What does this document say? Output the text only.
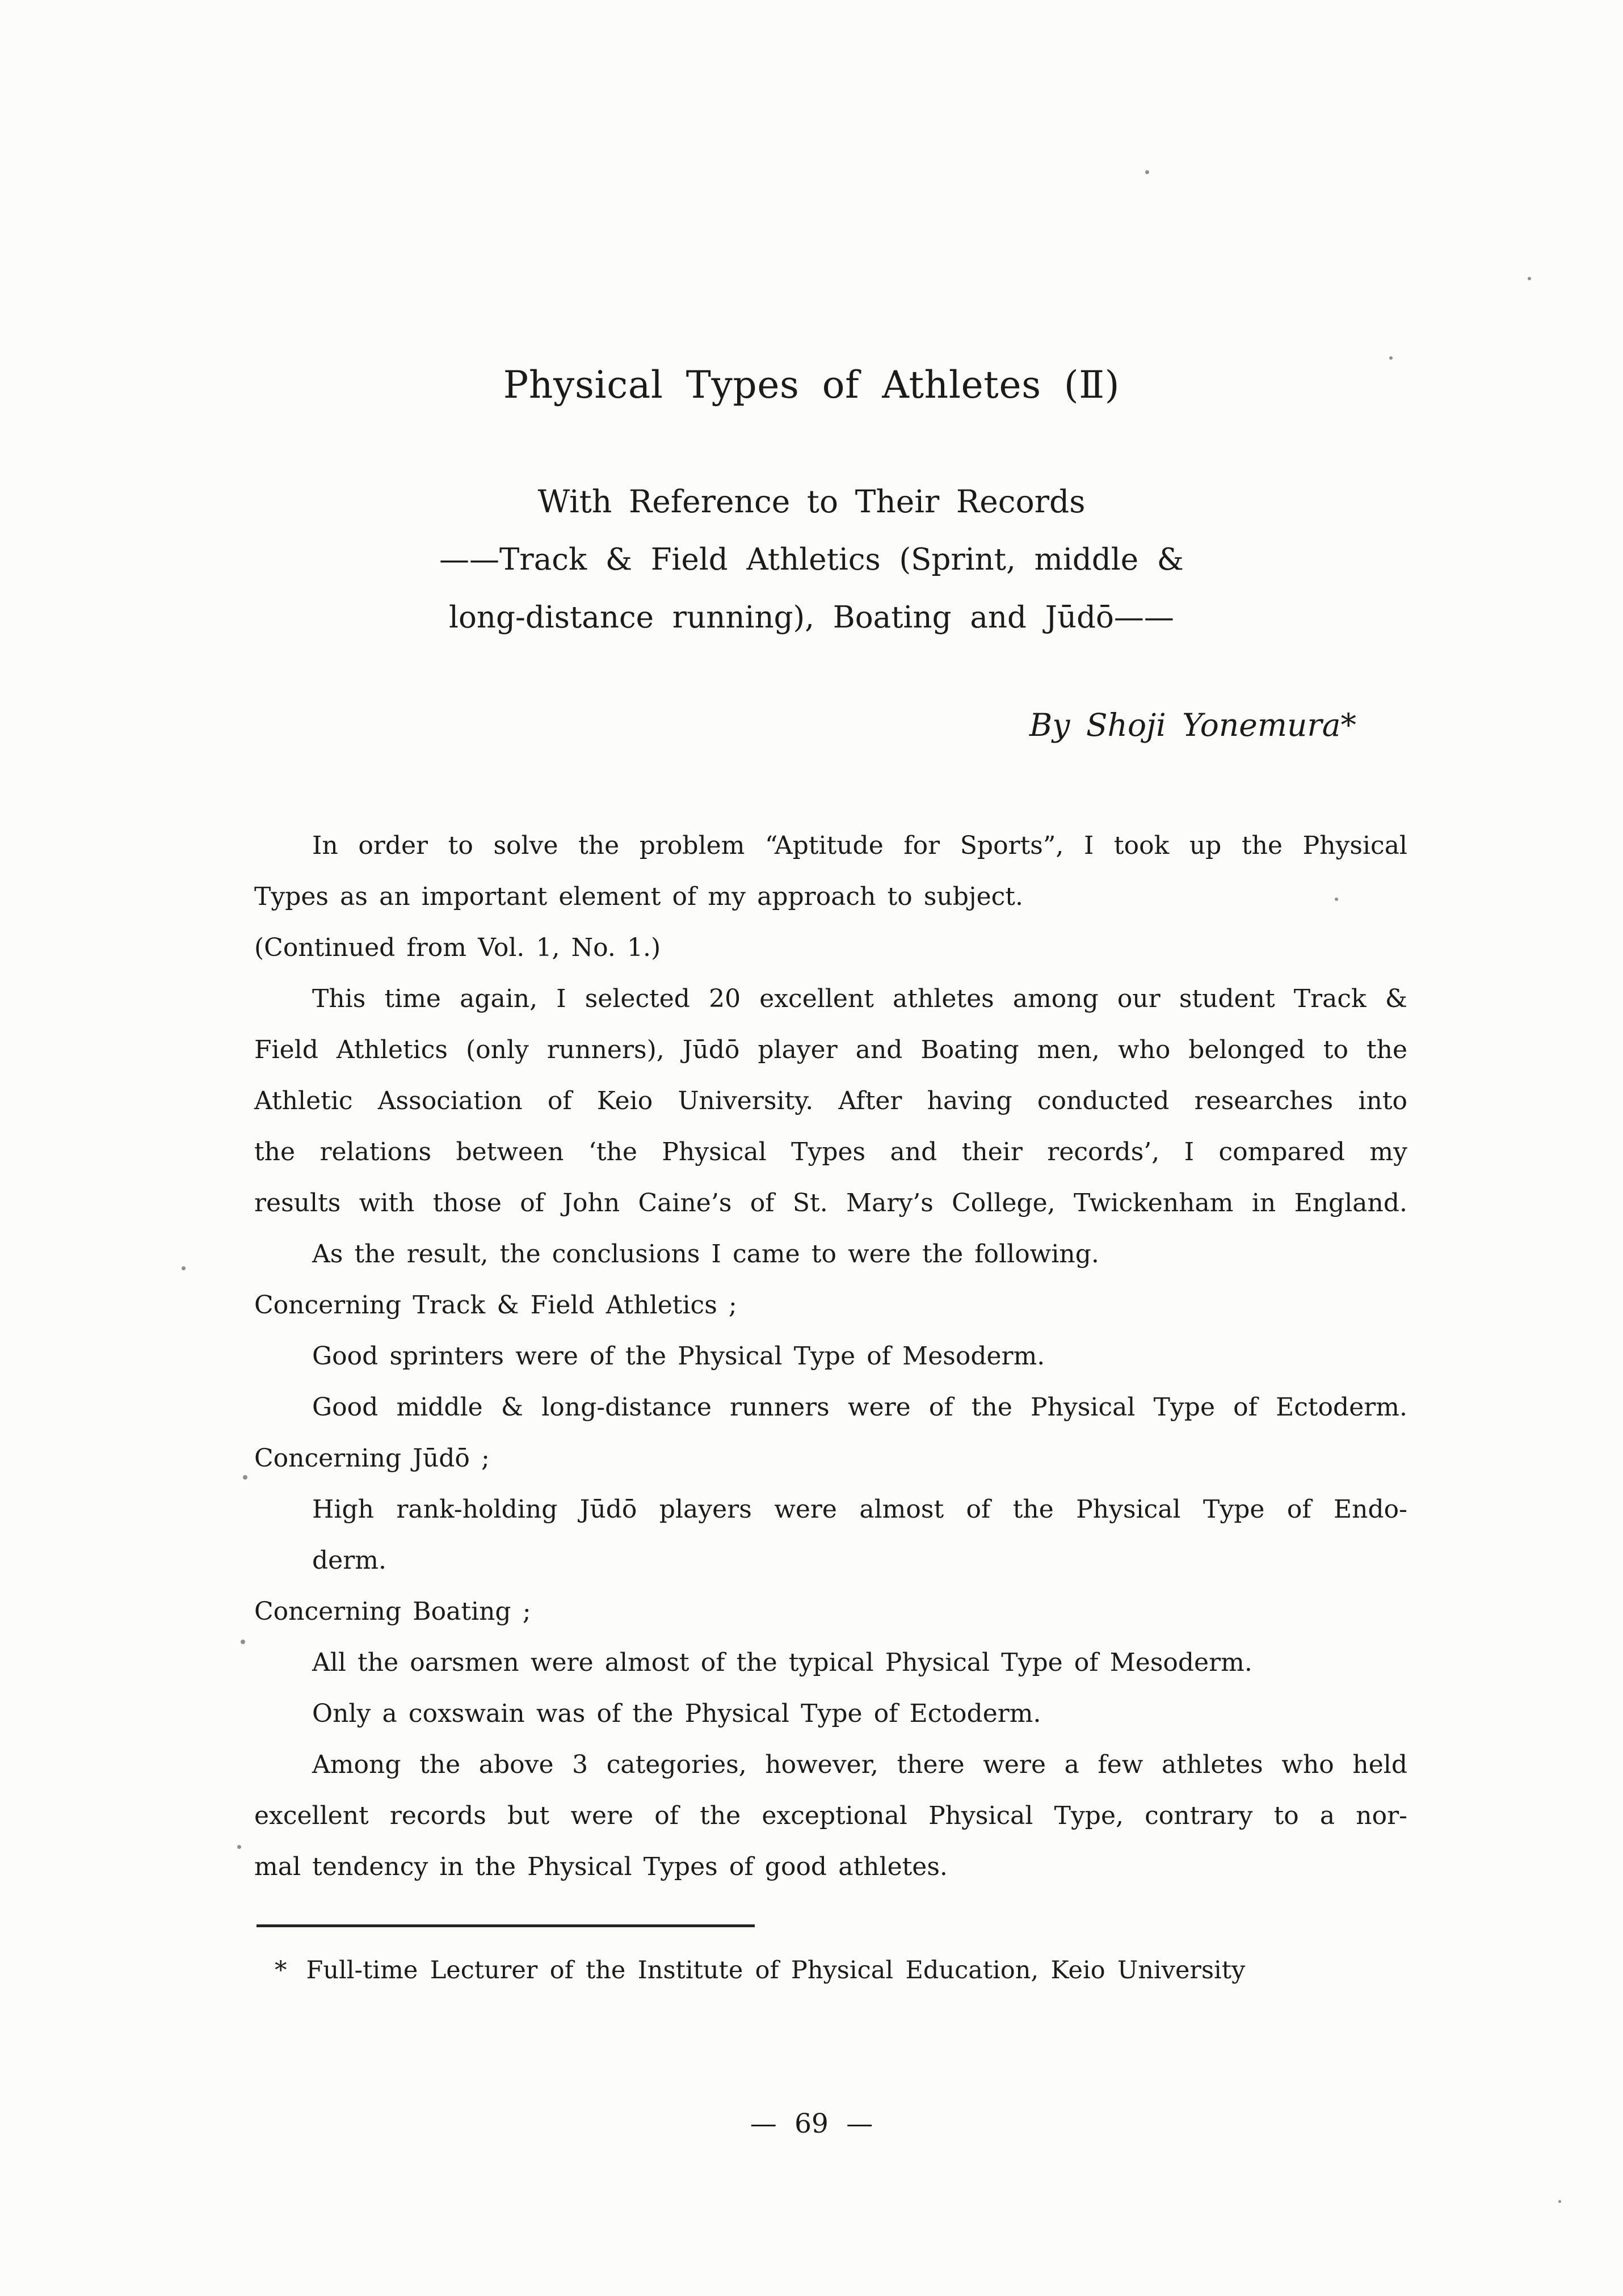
Physical Types of Athletes (Ⅱ)
With Reference to Their Records
——Track & Field Athletics (Sprint, middle &
long-distance running), Boating and Jūdō——
By Shoji Yonemura*
In order to solve the problem “Aptitude for Sports”, I took up the Physical
Types as an important element of my approach to subject.
(Continued from Vol. 1, No. 1.)
This time again, I selected 20 excellent athletes among our student Track &
Field Athletics (only runners), Jūdō player and Boating men, who belonged to the
Athletic Association of Keio University. After having conducted researches into
the relations between ‘the Physical Types and their records’, I compared my
results with those of John Caine’s of St. Mary’s College, Twickenham in England.
As the result, the conclusions I came to were the following.
Concerning Track & Field Athletics ;
Good sprinters were of the Physical Type of Mesoderm.
Good middle & long-distance runners were of the Physical Type of Ectoderm.
Concerning Jūdō ;
High rank-holding Jūdō players were almost of the Physical Type of Endo-
derm.
Concerning Boating ;
All the oarsmen were almost of the typical Physical Type of Mesoderm.
Only a coxswain was of the Physical Type of Ectoderm.
Among the above 3 categories, however, there were a few athletes who held
excellent records but were of the exceptional Physical Type, contrary to a nor-
mal tendency in the Physical Types of good athletes.
* Full-time Lecturer of the Institute of Physical Education, Keio University
— 69 —
